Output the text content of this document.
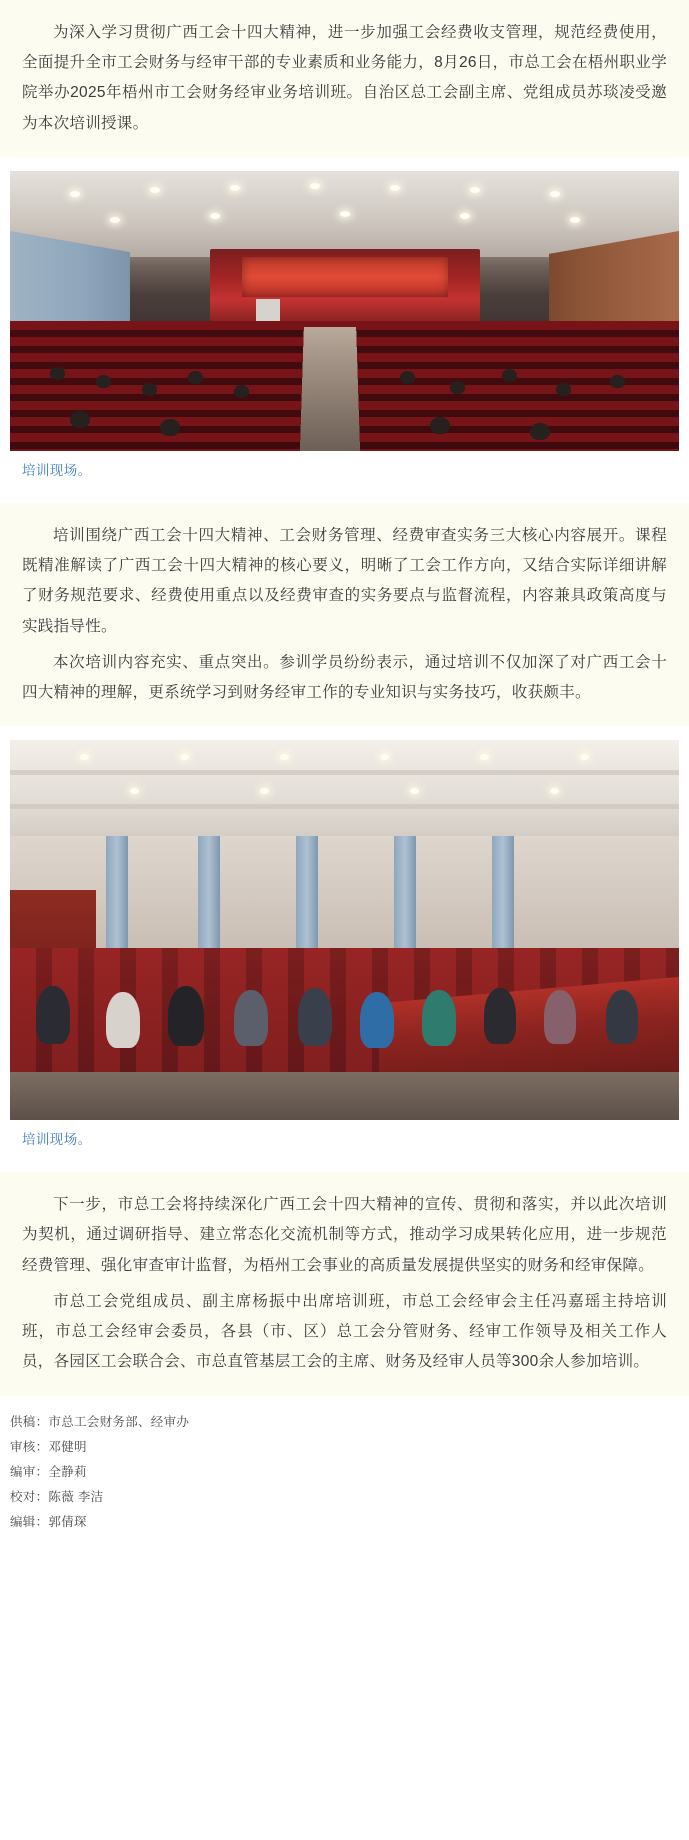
为深入学习贯彻广西工会十四大精神，进一步加强工会经费收支管理，规范经费使用，全面提升全市工会财务与经审干部的专业素质和业务能力，8月26日，市总工会在梧州职业学院举办2025年梧州市工会财务经审业务培训班。自治区总工会副主席、党组成员苏琰凌受邀为本次培训授课。

培训现场。

培训围绕广西工会十四大精神、工会财务管理、经费审查实务三大核心内容展开。课程既精准解读了广西工会十四大精神的核心要义，明晰了工会工作方向，又结合实际详细讲解了财务规范要求、经费使用重点以及经费审查的实务要点与监督流程，内容兼具政策高度与实践指导性。

本次培训内容充实、重点突出。参训学员纷纷表示，通过培训不仅加深了对广西工会十四大精神的理解，更系统学习到财务经审工作的专业知识与实务技巧，收获颇丰。

培训现场。

下一步，市总工会将持续深化广西工会十四大精神的宣传、贯彻和落实，并以此次培训为契机，通过调研指导、建立常态化交流机制等方式，推动学习成果转化应用，进一步规范经费管理、强化审查审计监督，为梧州工会事业的高质量发展提供坚实的财务和经审保障。

市总工会党组成员、副主席杨振中出席培训班，市总工会经审会主任冯嘉瑶主持培训班，市总工会经审会委员，各县（市、区）总工会分管财务、经审工作领导及相关工作人员，各园区工会联合会、市总直管基层工会的主席、财务及经审人员等300余人参加培训。

供稿：市总工会财务部、经审办
审核：邓健明
编审：全静莉
校对：陈薇 李洁
编辑：郭倩琛
